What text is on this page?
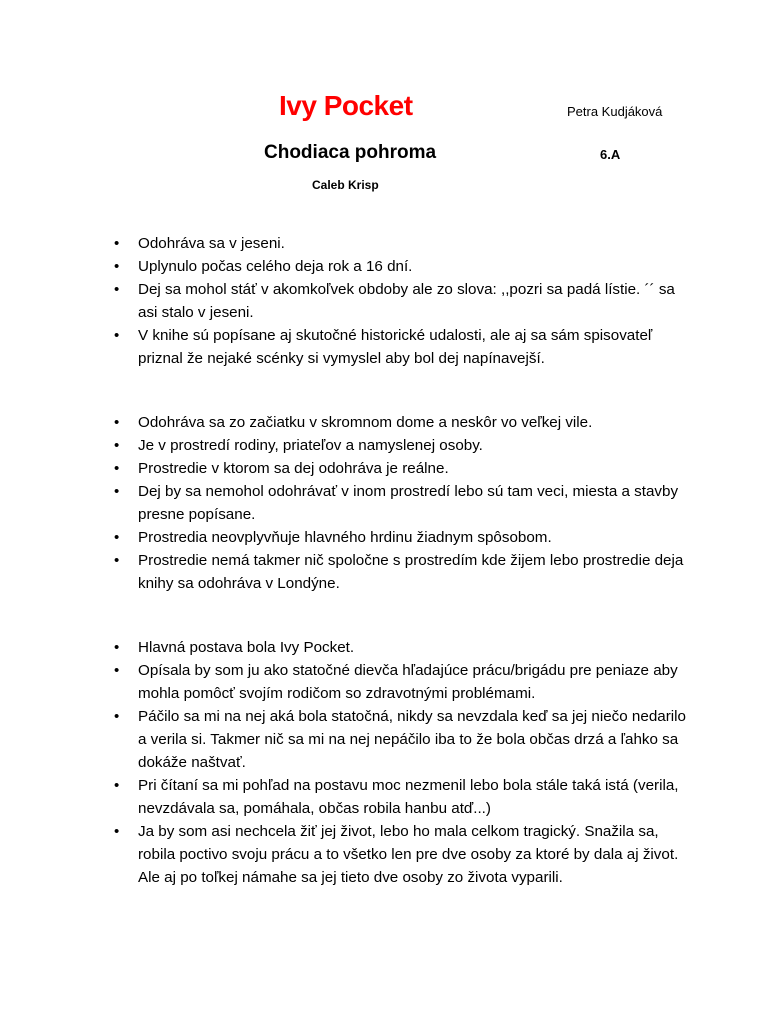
Ivy Pocket	Petra Kudjáková

Chodiaca pohroma	6.A

Caleb Krisp

• Odohráva sa v jeseni.
• Uplynulo počas celého deja rok a 16 dní.
• Dej sa mohol stáť v akomkoľvek obdoby ale zo slova: ,,pozri sa padá lístie. ´´ sa asi stalo v jeseni.
• V knihe sú popísane aj skutočné historické udalosti, ale aj sa sám spisovateľ priznal že nejaké scénky si vymyslel aby bol dej napínavejší.
• Odohráva sa zo začiatku v skromnom dome a neskôr vo veľkej vile.
• Je v prostredí rodiny, priateľov a namyslenej osoby.
• Prostredie v ktorom sa dej odohráva je reálne.
• Dej by sa nemohol odohrávať v inom prostredí lebo sú tam veci, miesta a stavby presne popísane.
• Prostredia neovplyvňuje hlavného hrdinu žiadnym spôsobom.
• Prostredie nemá takmer nič spoločne s prostredím kde žijem lebo prostredie deja knihy sa odohráva v Londýne.
• Hlavná postava bola Ivy Pocket.
• Opísala by som ju ako statočné dievča hľadajúce prácu/brigádu pre peniaze aby mohla pomôcť svojím rodičom so zdravotnými problémami.
• Páčilo sa mi na nej aká bola statočná, nikdy sa nevzdala keď sa jej niečo nedarilo a verila si. Takmer nič sa mi na nej nepáčilo iba to že bola občas drzá a ľahko sa dokáže naštvať.
• Pri čítaní sa mi pohľad na postavu moc nezmenil lebo bola stále taká istá (verila, nevzdávala sa, pomáhala, občas robila hanbu atď...)
• Ja by som asi nechcela žiť jej život, lebo ho mala celkom tragický. Snažila sa, robila poctivo svoju prácu a to všetko len pre dve osoby za ktoré by dala aj život. Ale aj po toľkej námahe sa jej tieto dve osoby zo života vyparili.
